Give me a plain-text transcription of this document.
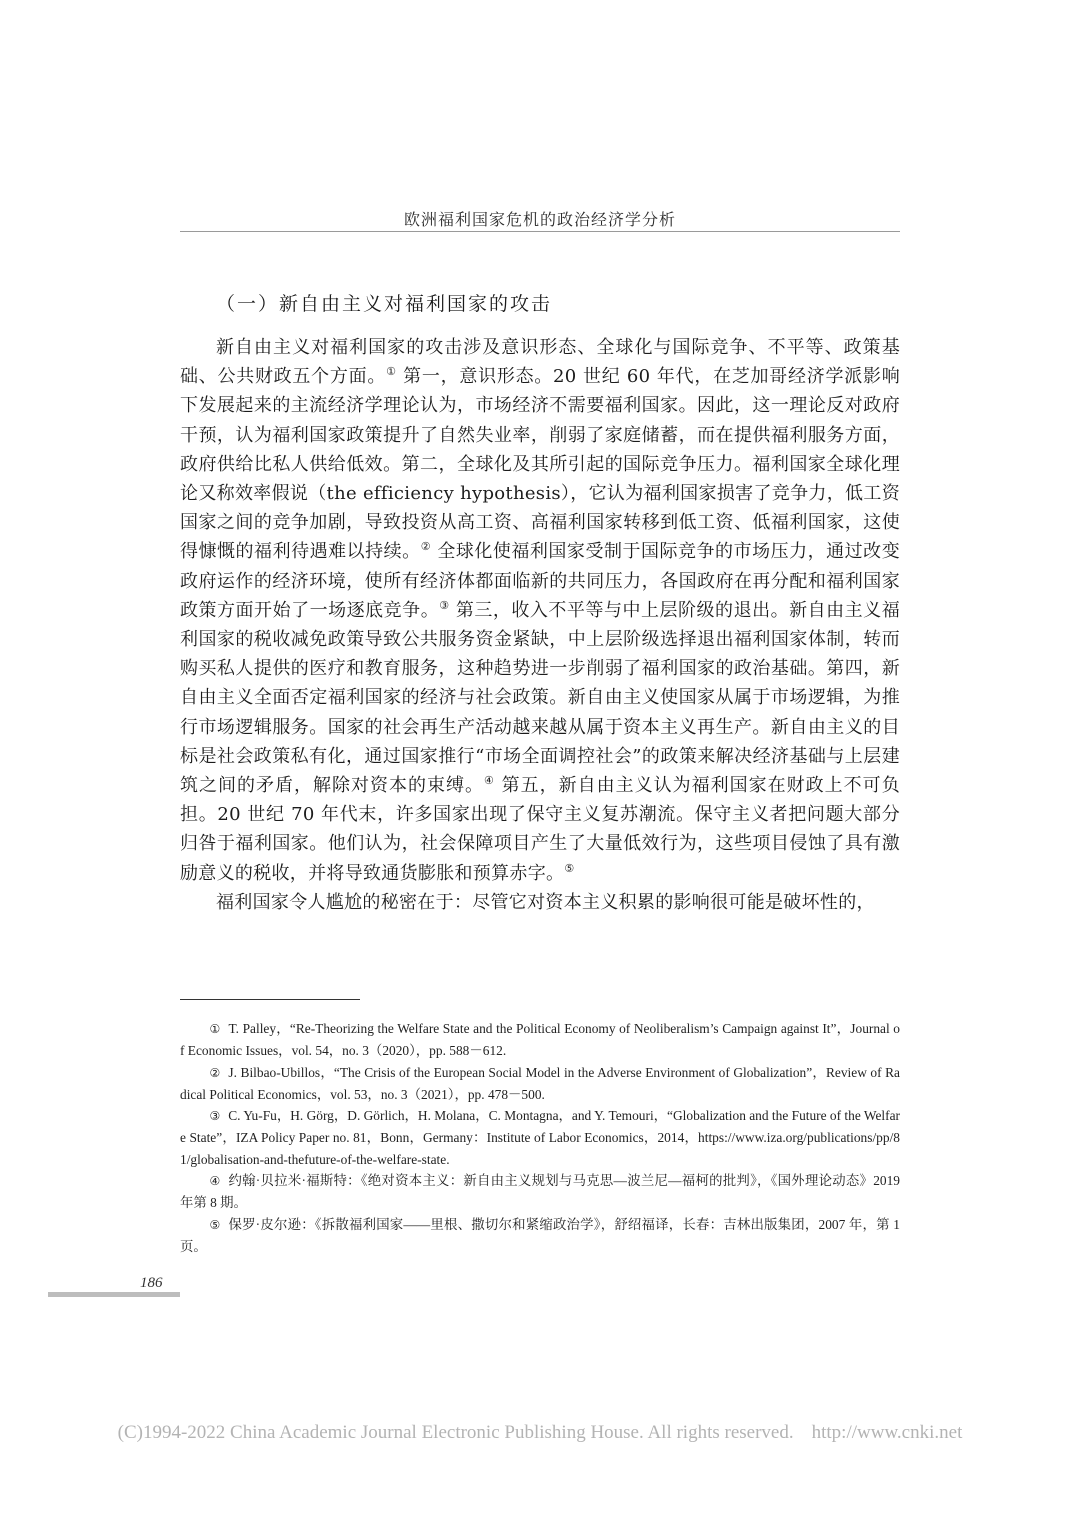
欧洲福利国家危机的政治经济学分析
（一）新自由主义对福利国家的攻击

新自由主义对福利国家的攻击涉及意识形态、全球化与国际竞争、不平等、政策基础、公共财政五个方面。① 第一，意识形态。20 世纪 60 年代，在芝加哥经济学派影响下发展起来的主流经济学理论认为，市场经济不需要福利国家。因此，这一理论反对政府干预，认为福利国家政策提升了自然失业率，削弱了家庭储蓄，而在提供福利服务方面，政府供给比私人供给低效。第二，全球化及其所引起的国际竞争压力。福利国家全球化理论又称效率假说（the efficiency hypothesis），它认为福利国家损害了竞争力，低工资国家之间的竞争加剧，导致投资从高工资、高福利国家转移到低工资、低福利国家，这使得慷慨的福利待遇难以持续。② 全球化使福利国家受制于国际竞争的市场压力，通过改变政府运作的经济环境，使所有经济体都面临新的共同压力，各国政府在再分配和福利国家政策方面开始了一场逐底竞争。③ 第三，收入不平等与中上层阶级的退出。新自由主义福利国家的税收减免政策导致公共服务资金紧缺，中上层阶级选择退出福利国家体制，转而购买私人提供的医疗和教育服务，这种趋势进一步削弱了福利国家的政治基础。第四，新自由主义全面否定福利国家的经济与社会政策。新自由主义使国家从属于市场逻辑，为推行市场逻辑服务。国家的社会再生产活动越来越从属于资本主义再生产。新自由主义的目标是社会政策私有化，通过国家推行“市场全面调控社会”的政策来解决经济基础与上层建筑之间的矛盾，解除对资本的束缚。④ 第五，新自由主义认为福利国家在财政上不可负担。20 世纪 70 年代末，许多国家出现了保守主义复苏潮流。保守主义者把问题大部分归咎于福利国家。他们认为，社会保障项目产生了大量低效行为，这些项目侵蚀了具有激励意义的税收，并将导致通货膨胀和预算赤字。⑤

福利国家令人尴尬的秘密在于：尽管它对资本主义积累的影响很可能是破坏性的，

① T. Palley，“Re-Theorizing the Welfare State and the Political Economy of Neoliberalism’s Campaign against It”，Journal of Economic Issues，vol. 54，no. 3（2020），pp. 588－612.

② J. Bilbao-Ubillos，“The Crisis of the European Social Model in the Adverse Environment of Globalization”，Review of Radical Political Economics，vol. 53，no. 3（2021），pp. 478－500.

③ C. Yu-Fu，H. Görg，D. Görlich，H. Molana，C. Montagna，and Y. Temouri，“Globalization and the Future of the Welfare State”，IZA Policy Paper no. 81，Bonn，Germany：Institute of Labor Economics，2014，https://www.iza.org/publications/pp/81/globalisation-and-thefuture-of-the-welfare-state.

④ 约翰·贝拉米·福斯特：《绝对资本主义：新自由主义规划与马克思—波兰尼—福柯的批判》，《国外理论动态》2019 年第 8 期。

⑤ 保罗·皮尔逊：《拆散福利国家——里根、撒切尔和紧缩政治学》，舒绍福译，长春：吉林出版集团，2007 年，第 1 页。

186
(C)1994-2022 China Academic Journal Electronic Publishing House. All rights reserved. http://www.cnki.net
